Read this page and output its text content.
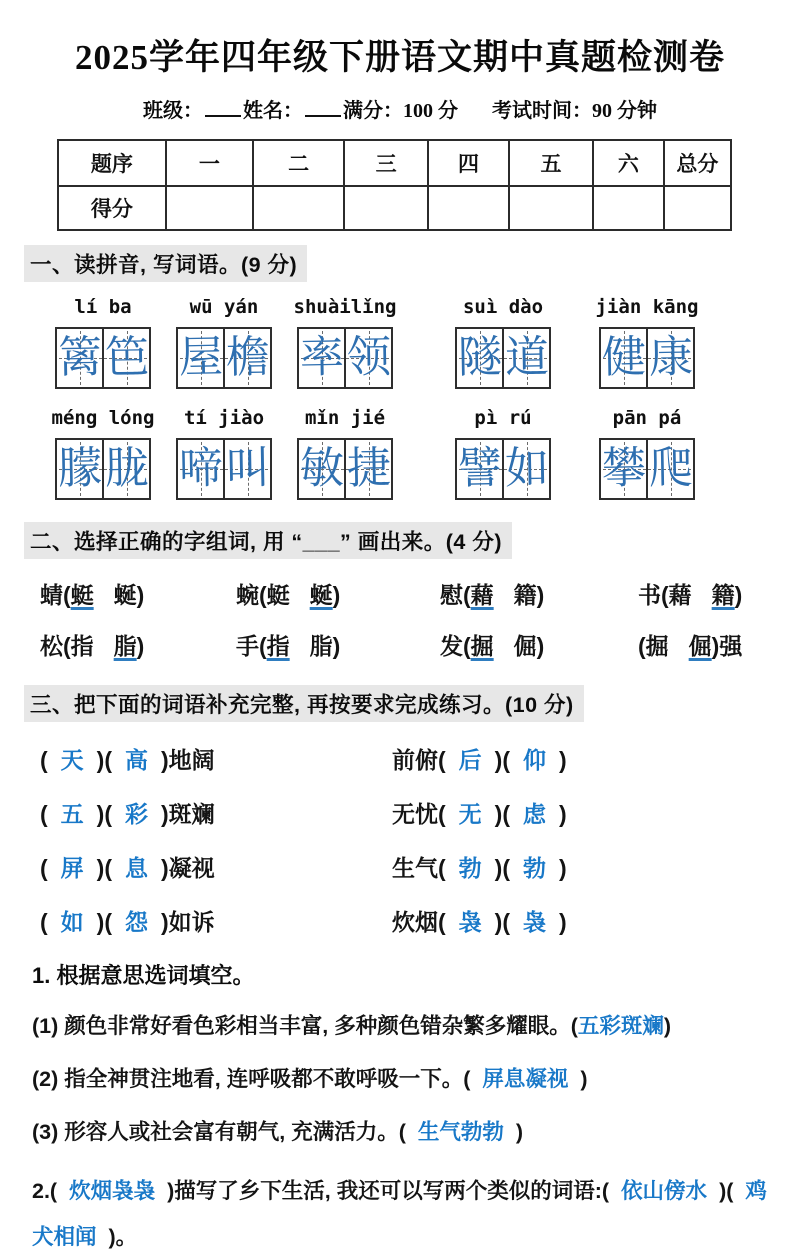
2025学年四年级下册语文期中真题检测卷
班级： 姓名： 满分：100 分 考试时间：90 分钟
题序	一	二	三	四	五	六	总分
得分							
一、读拼音, 写词语。(9 分)
lí ba
篱 笆
wū yán
屋 檐
shuàilǐng
率 领
suì dào
隧 道
jiàn kāng
健 康
méng lóng
朦 胧
tí jiào
啼 叫
mǐn jié
敏 捷
pì rú
譬 如
pān pá
攀 爬
二、选择正确的字组词, 用 “___” 画出来。(4 分)
蜻(蜓 蜒)	蜿(蜓 蜒)	慰(藉 籍)	书(藉 籍)
松(指 脂)	手(指 脂)	发(掘 倔)	(掘 倔)强
三、把下面的词语补充完整, 再按要求完成练习。(10 分)
( 天 )( 高 )地阔	前俯( 后 )( 仰 )
( 五 )( 彩 )斑斓	无忧( 无 )( 虑 )
( 屏 )( 息 )凝视	生气( 勃 )( 勃 )
( 如 )( 怨 )如诉	炊烟( 袅 )( 袅 )
1. 根据意思选词填空。
(1) 颜色非常好看色彩相当丰富, 多种颜色错杂繁多耀眼。(五彩斑斓)
(2) 指全神贯注地看, 连呼吸都不敢呼吸一下。( 屏息凝视 )
(3) 形容人或社会富有朝气, 充满活力。( 生气勃勃 )
2.( 炊烟袅袅 )描写了乡下生活, 我还可以写两个类似的词语:( 依山傍水 )( 鸡犬相闻 )。
